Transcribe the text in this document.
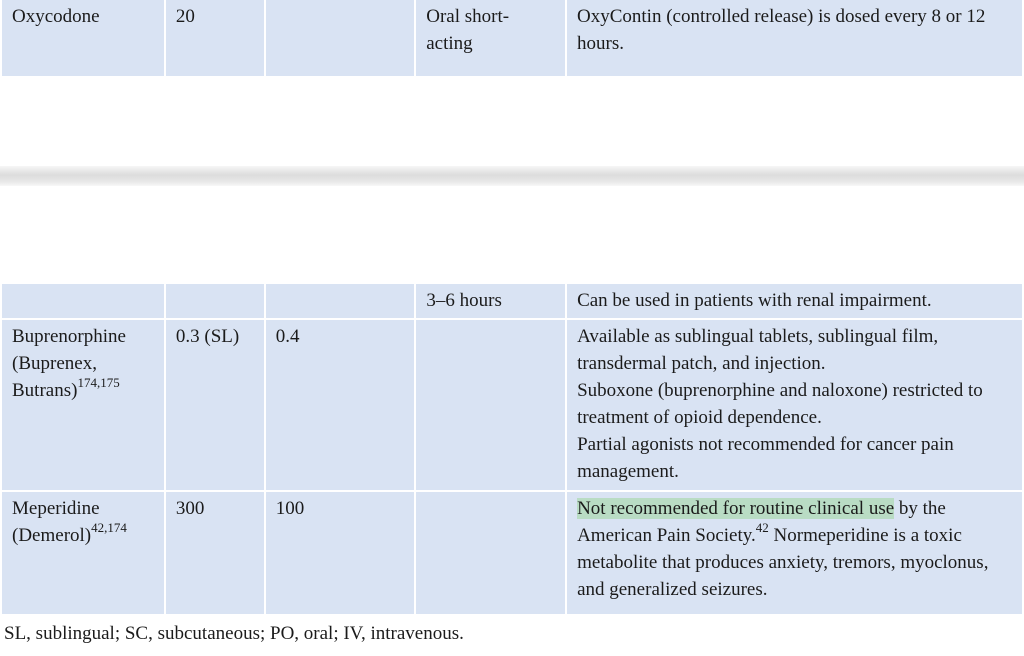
Oxycodone	20		Oral short-acting	OxyContin (controlled release) is dosed every 8 or 12 hours.
			3–6 hours	Can be used in patients with renal impairment.
Buprenorphine (Buprenex, Butrans)$^{174,175}$	0.3 (SL)	0.4		Available as sublingual tablets, sublingual film, transdermal patch, and injection.
Suboxone (buprenorphine and naloxone) restricted to treatment of opioid dependence.
Partial agonists not recommended for cancer pain management.

Meperidine (Demerol)$^{42,174}$	300	100		Not recommended for routine clinical use by the American Pain Society.$^{42}$ Normeperidine is a toxic metabolite that produces anxiety, tremors, myoclonus, and generalized seizures.
SL, sublingual; SC, subcutaneous; PO, oral; IV, intravenous.
